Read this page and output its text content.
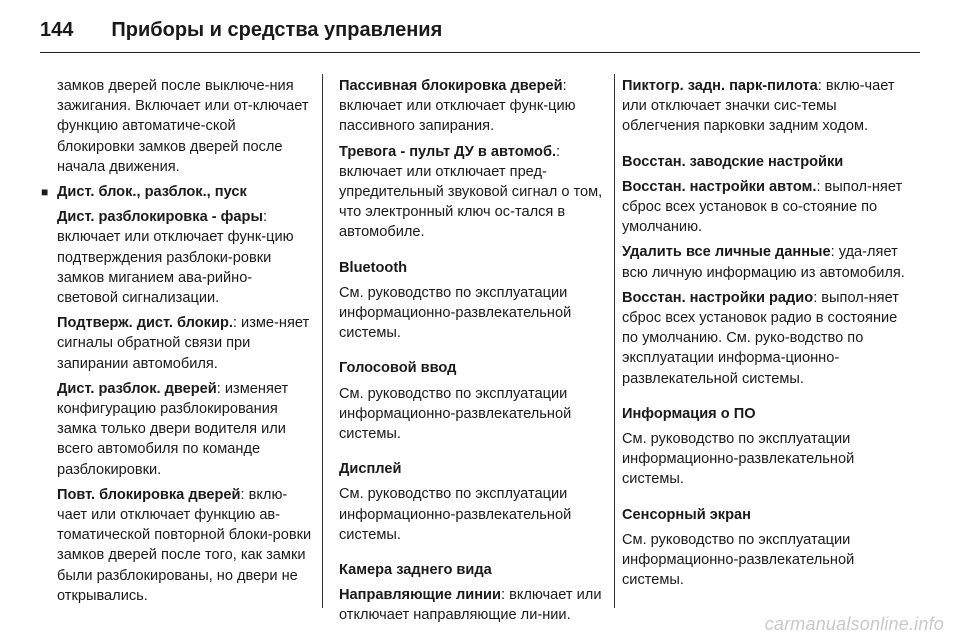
144 Приборы и средства управления

замков дверей после выключе-ния зажигания. Включает или от-ключает функцию автоматиче-ской блокировки замков дверей после начала движения.

■ Дист. блок., разблок., пуск

Дист. разблокировка - фары: включает или отключает функ-цию подтверждения разблоки-ровки замков миганием ава-рийно-световой сигнализации.

Подтверж. дист. блокир.: изме-няет сигналы обратной связи при запирании автомобиля.

Дист. разблок. дверей: изменяет конфигурацию разблокирования замка только двери водителя или всего автомобиля по команде разблокировки.

Повт. блокировка дверей: вклю-чает или отключает функцию ав-томатической повторной блоки-ровки замков дверей после того, как замки были разблокированы, но двери не открывались.

Пассивная блокировка дверей: включает или отключает функ-цию пассивного запирания.

Тревога - пульт ДУ в автомоб.: включает или отключает пред-упредительный звуковой сигнал о том, что электронный ключ ос-тался в автомобиле.

Bluetooth

См. руководство по эксплуатации информационно-развлекательной системы.

Голосовой ввод

См. руководство по эксплуатации информационно-развлекательной системы.

Дисплей

См. руководство по эксплуатации информационно-развлекательной системы.

Камера заднего вида

Направляющие линии: включает или отключает направляющие ли-нии.

Пиктогр. задн. парк-пилота: вклю-чает или отключает значки сис-темы облегчения парковки задним ходом.

Восстан. заводские настройки

Восстан. настройки автом.: выпол-няет сброс всех установок в со-стояние по умолчанию.

Удалить все личные данные: уда-ляет всю личную информацию из автомобиля.

Восстан. настройки радио: выпол-няет сброс всех установок радио в состояние по умолчанию. См. руко-водство по эксплуатации информа-ционно-развлекательной системы.

Информация о ПО

См. руководство по эксплуатации информационно-развлекательной системы.

Сенсорный экран

См. руководство по эксплуатации информационно-развлекательной системы.

carmanualsonline.info
